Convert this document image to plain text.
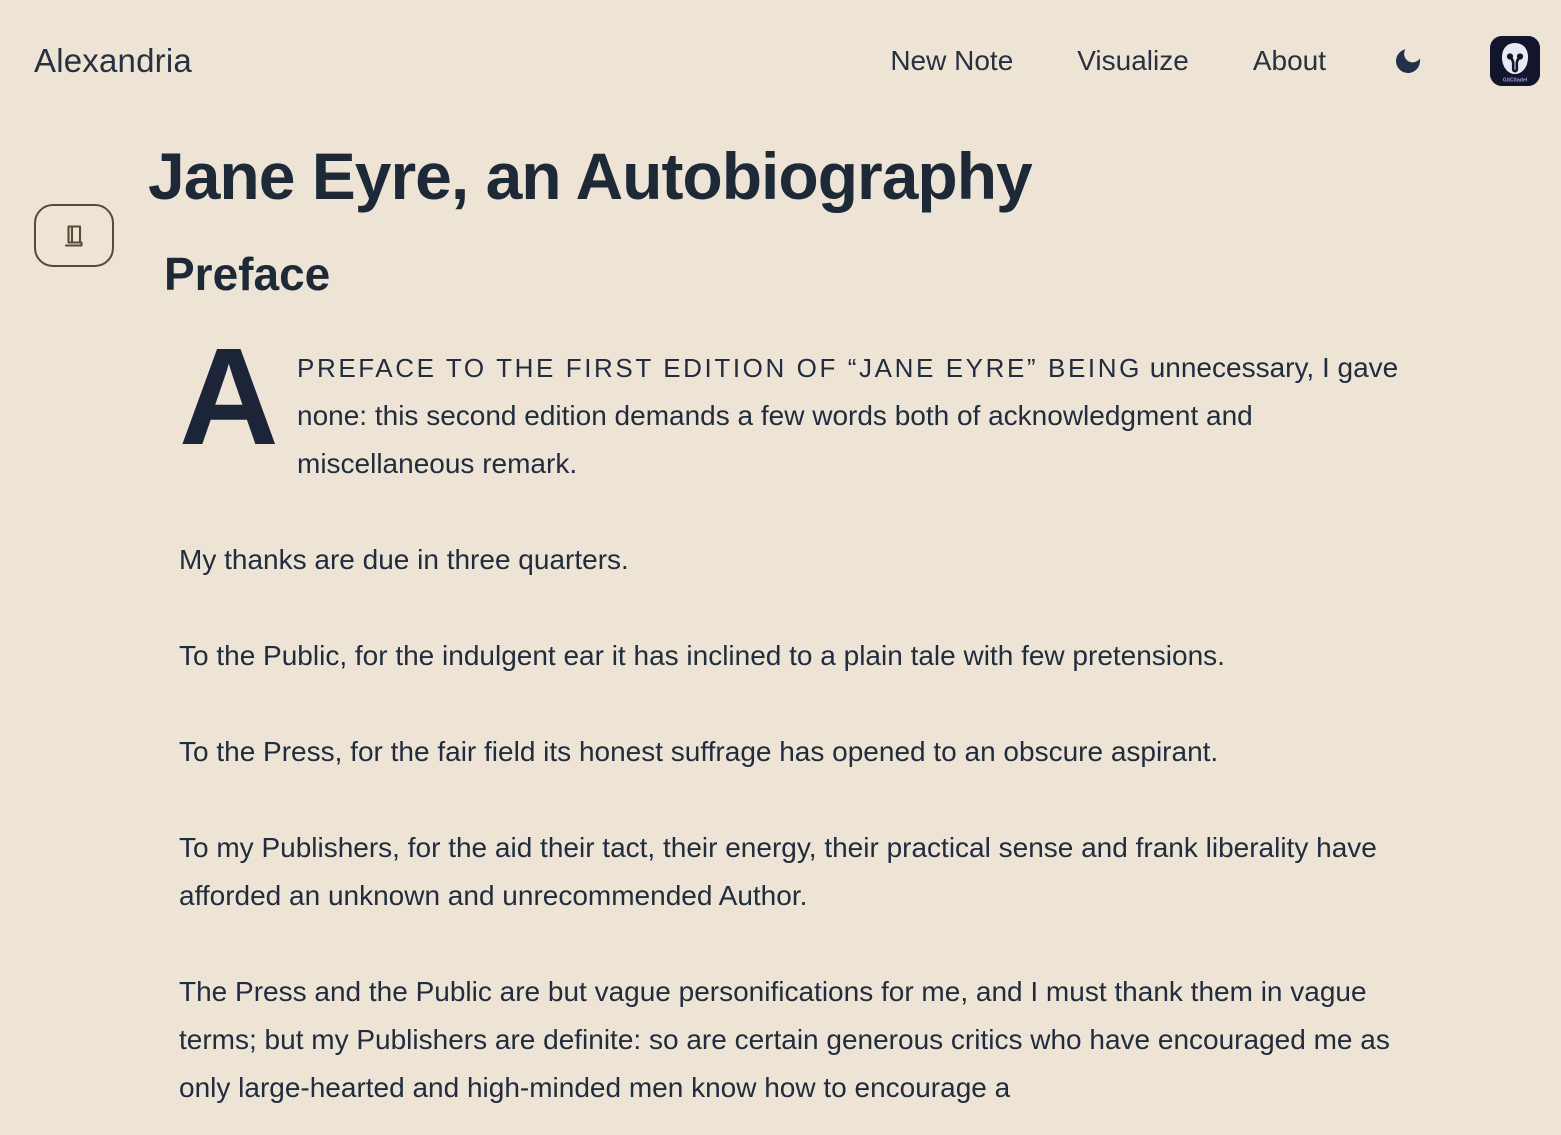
Alexandria	New Note Visualize About
GitCitadel
Jane Eyre, an Autobiography
Preface

A PREFACE TO THE FIRST EDITION OF “JANE EYRE” BEING unnecessary, I gave none: this second edition demands a few words both of acknowledgment and miscellaneous remark.

My thanks are due in three quarters.

To the Public, for the indulgent ear it has inclined to a plain tale with few pretensions.

To the Press, for the fair field its honest suffrage has opened to an obscure aspirant.

To my Publishers, for the aid their tact, their energy, their practical sense and frank liberality have afforded an unknown and unrecommended Author.

The Press and the Public are but vague personifications for me, and I must thank them in vague terms; but my Publishers are definite: so are certain generous critics who have encouraged me as only large-hearted and high-minded men know how to encourage a
